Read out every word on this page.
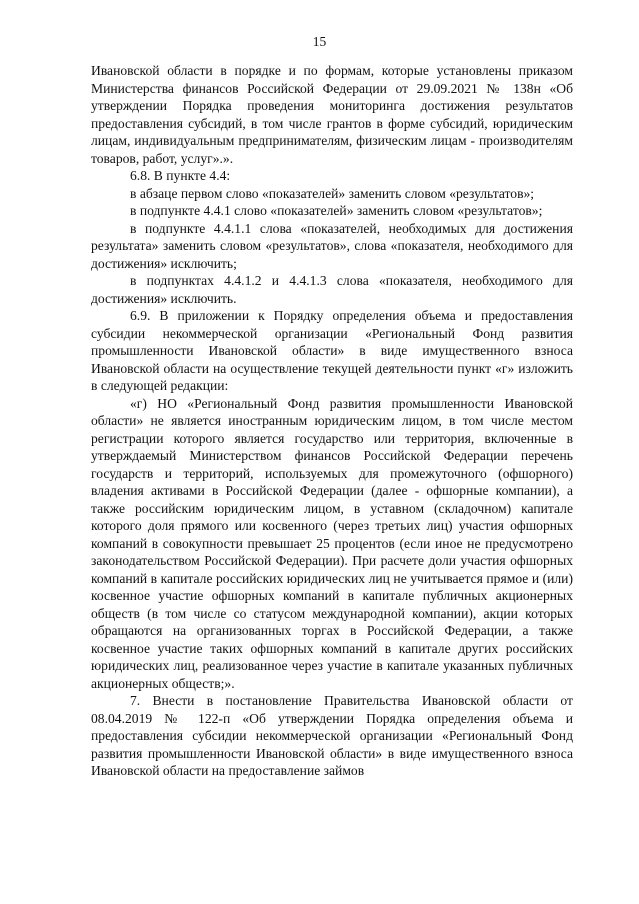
15

Ивановской области в порядке и по формам, которые установлены приказом Министерства финансов Российской Федерации от 29.09.2021 № 138н «Об утверждении Порядка проведения мониторинга достижения результатов предоставления субсидий, в том числе грантов в форме субсидий, юридическим лицам, индивидуальным предпринимателям, физическим лицам - производителям товаров, работ, услуг».».

6.8. В пункте 4.4:

в абзаце первом слово «показателей» заменить словом «результатов»;

в подпункте 4.4.1 слово «показателей» заменить словом «результатов»;

в подпункте 4.4.1.1 слова «показателей, необходимых для достижения результата» заменить словом «результатов», слова «показателя, необходимого для достижения» исключить;

в подпунктах 4.4.1.2 и 4.4.1.3 слова «показателя, необходимого для достижения» исключить.

6.9. В приложении к Порядку определения объема и предоставления субсидии некоммерческой организации «Региональный Фонд развития промышленности Ивановской области» в виде имущественного взноса Ивановской области на осуществление текущей деятельности пункт «г» изложить в следующей редакции:

«г) НО «Региональный Фонд развития промышленности Ивановской области» не является иностранным юридическим лицом, в том числе местом регистрации которого является государство или территория, включенные в утверждаемый Министерством финансов Российской Федерации перечень государств и территорий, используемых для промежуточного (офшорного) владения активами в Российской Федерации (далее - офшорные компании), а также российским юридическим лицом, в уставном (складочном) капитале которого доля прямого или косвенного (через третьих лиц) участия офшорных компаний в совокупности превышает 25 процентов (если иное не предусмотрено законодательством Российской Федерации). При расчете доли участия офшорных компаний в капитале российских юридических лиц не учитывается прямое и (или) косвенное участие офшорных компаний в капитале публичных акционерных обществ (в том числе со статусом международной компании), акции которых обращаются на организованных торгах в Российской Федерации, а также косвенное участие таких офшорных компаний в капитале других российских юридических лиц, реализованное через участие в капитале указанных публичных акционерных обществ;».

7. Внести в постановление Правительства Ивановской области от 08.04.2019 № 122-п «Об утверждении Порядка определения объема и предоставления субсидии некоммерческой организации «Региональный Фонд развития промышленности Ивановской области» в виде имущественного взноса Ивановской области на предоставление займов
